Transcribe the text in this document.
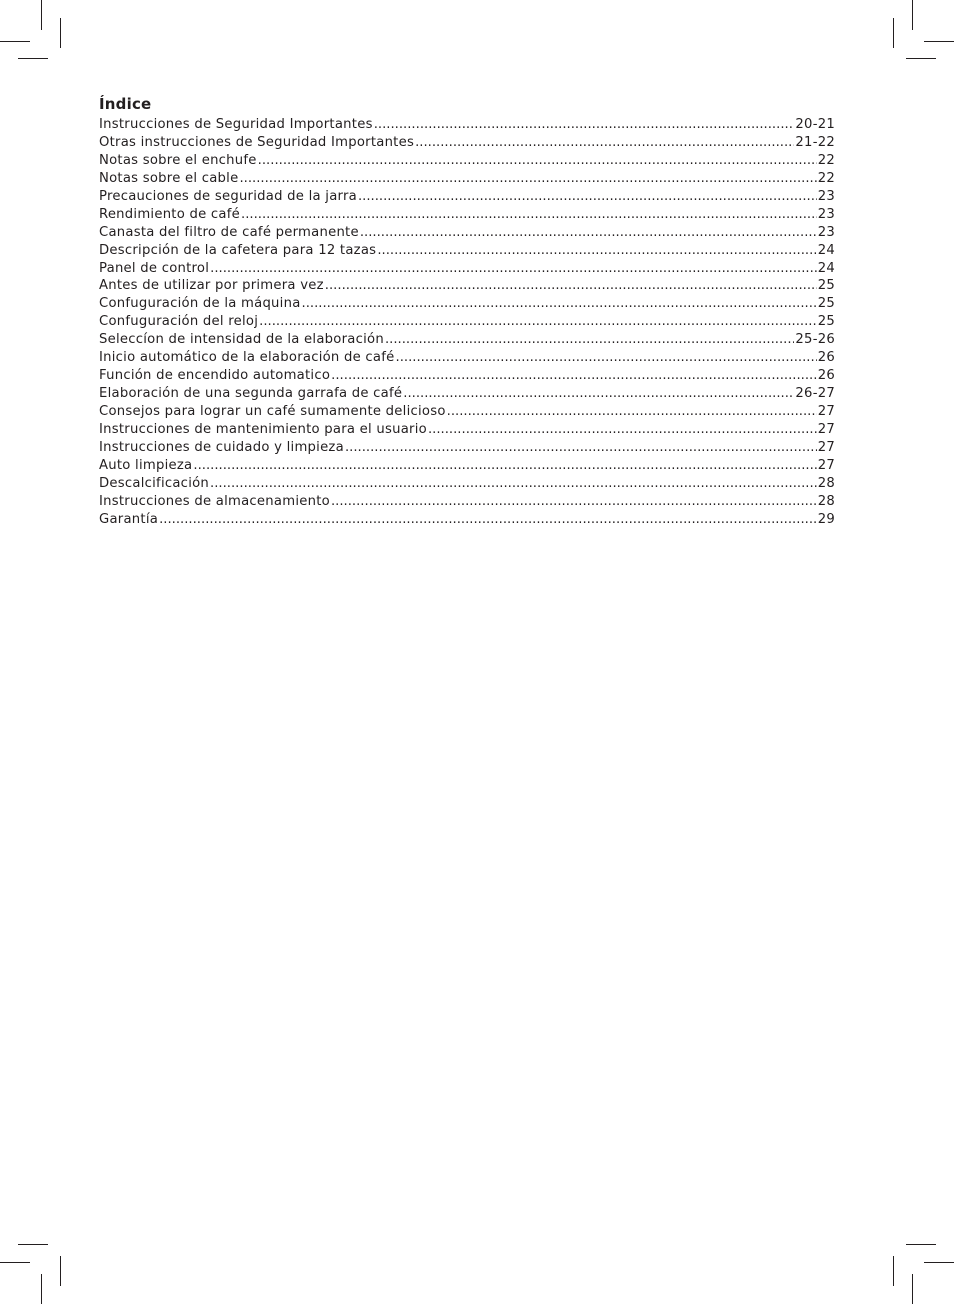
Índice
Instrucciones de Seguridad Importantes .....	20-21
Otras instrucciones de Seguridad Importantes .....	21-22
Notas sobre el enchufe .....	22
Notas sobre el cable .....	22
Precauciones de seguridad de la jarra .....	23
Rendimiento de café .....	23
Canasta del filtro de café permanente .....	23
Descripción de la cafetera para 12 tazas .....	24
Panel de control .....	24
Antes de utilizar por primera vez .....	25
Confuguración de la máquina .....	25
Confuguración del reloj .....	25
Seleccíon de intensidad de la elaboración .....	25-26
Inicio automático de la elaboración de café .....	26
Función de encendido automatico .....	26
Elaboración de una segunda garrafa de café .....	26-27
Consejos para lograr un café sumamente delicioso .....	27
Instrucciones de mantenimiento para el usuario .....	27
Instrucciones de cuidado y limpieza .....	27
Auto limpieza .....	27
Descalcificación .....	28
Instrucciones de almacenamiento .....	28
Garantía .....	29
